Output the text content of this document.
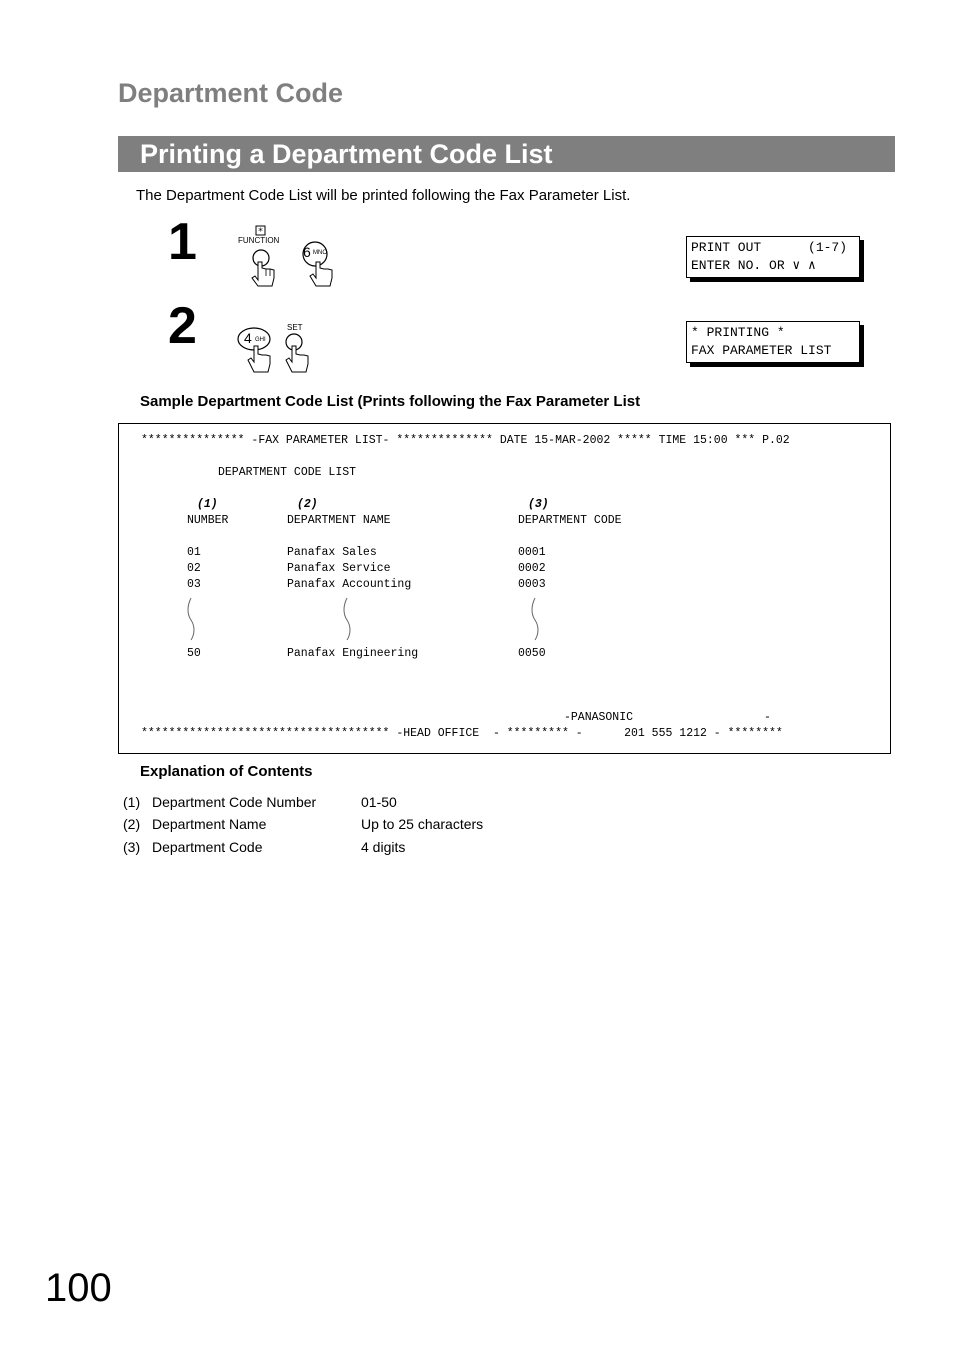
Department Code
Printing a Department Code List
The Department Code List will be printed following the Fax Parameter List.
1	*
FUNCTION
6 MNO	PRINT OUT      (1-7)
ENTER NO. OR ∨ ∧
2	4 GHI
SET	* PRINTING *
FAX PARAMETER LIST
Sample Department Code List (Prints following the Fax Parameter List
*************** -FAX PARAMETER LIST- ************** DATE 15-MAR-2002 ***** TIME 15:00 *** P.02
DEPARTMENT CODE LIST
(1)	(2)	(3)
NUMBER	DEPARTMENT NAME	DEPARTMENT CODE
01	Panafax Sales	0001
02	Panafax Service	0002
03	Panafax Accounting	0003
50	Panafax Engineering	0050
-PANASONIC	-
************************************ -HEAD OFFICE  - ********* -      201 555 1212 - ********
Explanation of Contents
(1) Department Code Number	01-50
(2) Department Name	Up to 25 characters
(3) Department Code	4 digits
100
